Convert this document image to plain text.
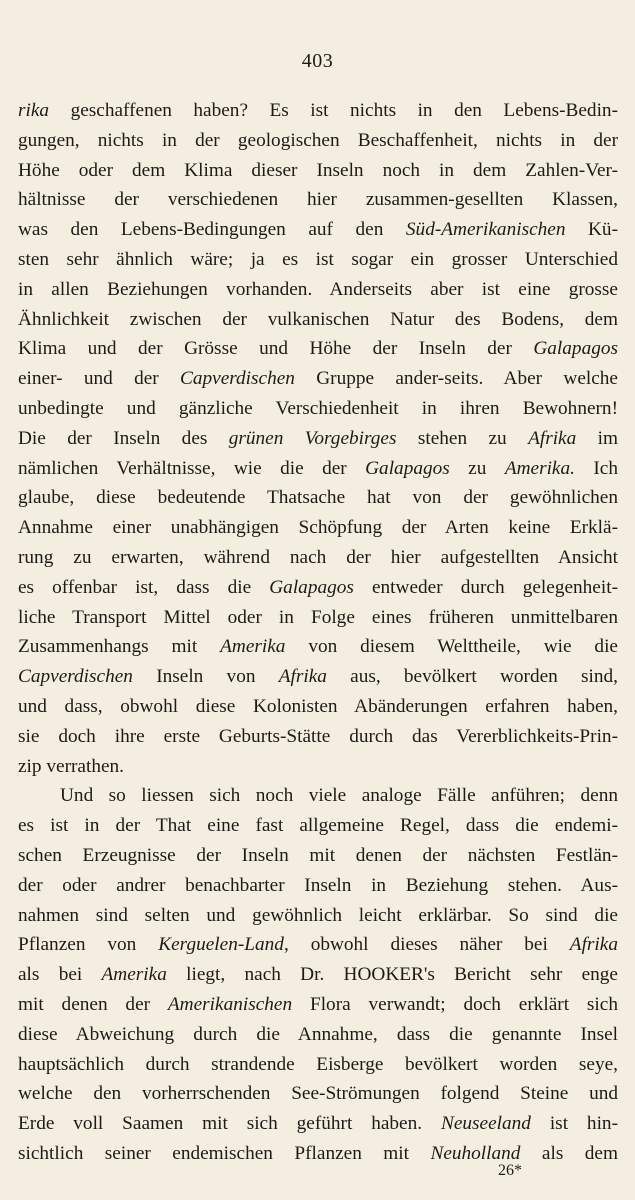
403
rika geschaffenen haben? Es ist nichts in den Lebens-Bedin-
gungen, nichts in der geologischen Beschaffenheit, nichts in der
Höhe oder dem Klima dieser Inseln noch in dem Zahlen-Ver-
hältnisse der verschiedenen hier zusammen-gesellten Klassen,
was den Lebens-Bedingungen auf den Süd-Amerikanischen Kü-
sten sehr ähnlich wäre; ja es ist sogar ein grosser Unterschied
in allen Beziehungen vorhanden. Anderseits aber ist eine grosse
Ähnlichkeit zwischen der vulkanischen Natur des Bodens, dem
Klima und der Grösse und Höhe der Inseln der Galapagos
einer- und der Capverdischen Gruppe ander-seits. Aber welche
unbedingte und gänzliche Verschiedenheit in ihren Bewohnern!
Die der Inseln des grünen Vorgebirges stehen zu Afrika im
nämlichen Verhältnisse, wie die der Galapagos zu Amerika. Ich
glaube, diese bedeutende Thatsache hat von der gewöhnlichen
Annahme einer unabhängigen Schöpfung der Arten keine Erklä-
rung zu erwarten, während nach der hier aufgestellten Ansicht
es offenbar ist, dass die Galapagos entweder durch gelegenheit-
liche Transport Mittel oder in Folge eines früheren unmittelbaren
Zusammenhangs mit Amerika von diesem Welttheile, wie die
Capverdischen Inseln von Afrika aus, bevölkert worden sind,
und dass, obwohl diese Kolonisten Abänderungen erfahren haben,
sie doch ihre erste Geburts-Stätte durch das Vererblichkeits-Prin-
zip verrathen.
Und so liessen sich noch viele analoge Fälle anführen; denn
es ist in der That eine fast allgemeine Regel, dass die endemi-
schen Erzeugnisse der Inseln mit denen der nächsten Festlän-
der oder andrer benachbarter Inseln in Beziehung stehen. Aus-
nahmen sind selten und gewöhnlich leicht erklärbar. So sind die
Pflanzen von Kerguelen-Land, obwohl dieses näher bei Afrika
als bei Amerika liegt, nach Dr. HOOKER's Bericht sehr enge
mit denen der Amerikanischen Flora verwandt; doch erklärt sich
diese Abweichung durch die Annahme, dass die genannte Insel
hauptsächlich durch strandende Eisberge bevölkert worden seye,
welche den vorherrschenden See-Strömungen folgend Steine und
Erde voll Saamen mit sich geführt haben. Neuseeland ist hin-
sichtlich seiner endemischen Pflanzen mit Neuholland als dem
26*
